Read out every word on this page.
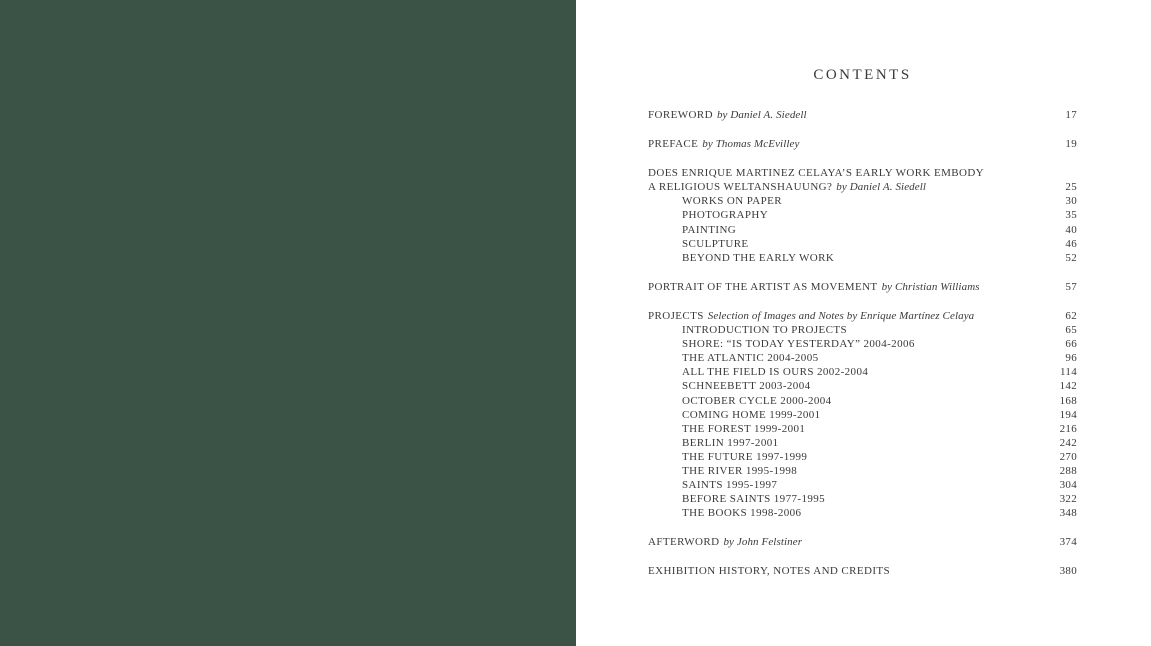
CONTENTS
FOREWORD by Daniel A. Siedell	17
PREFACE by Thomas McEvilley	19
DOES ENRIQUE MARTINEZ CELAYA’S EARLY WORK EMBODY
A RELIGIOUS WELTANSHAUUNG? by Daniel A. Siedell	25
WORKS ON PAPER	30
PHOTOGRAPHY	35
PAINTING	40
SCULPTURE	46
BEYOND THE EARLY WORK	52
PORTRAIT OF THE ARTIST AS MOVEMENT by Christian Williams	57
PROJECTS Selection of Images and Notes by Enrique Martínez Celaya	62
INTRODUCTION TO PROJECTS	65
SHORE: “IS TODAY YESTERDAY” 2004-2006	66
THE ATLANTIC 2004-2005	96
ALL THE FIELD IS OURS 2002-2004	114
SCHNEEBETT 2003-2004	142
OCTOBER CYCLE 2000-2004	168
COMING HOME 1999-2001	194
THE FOREST 1999-2001	216
BERLIN 1997-2001	242
THE FUTURE 1997-1999	270
THE RIVER 1995-1998	288
SAINTS 1995-1997	304
BEFORE SAINTS 1977-1995	322
THE BOOKS 1998-2006	348
AFTERWORD by John Felstiner	374
EXHIBITION HISTORY, NOTES AND CREDITS	380
